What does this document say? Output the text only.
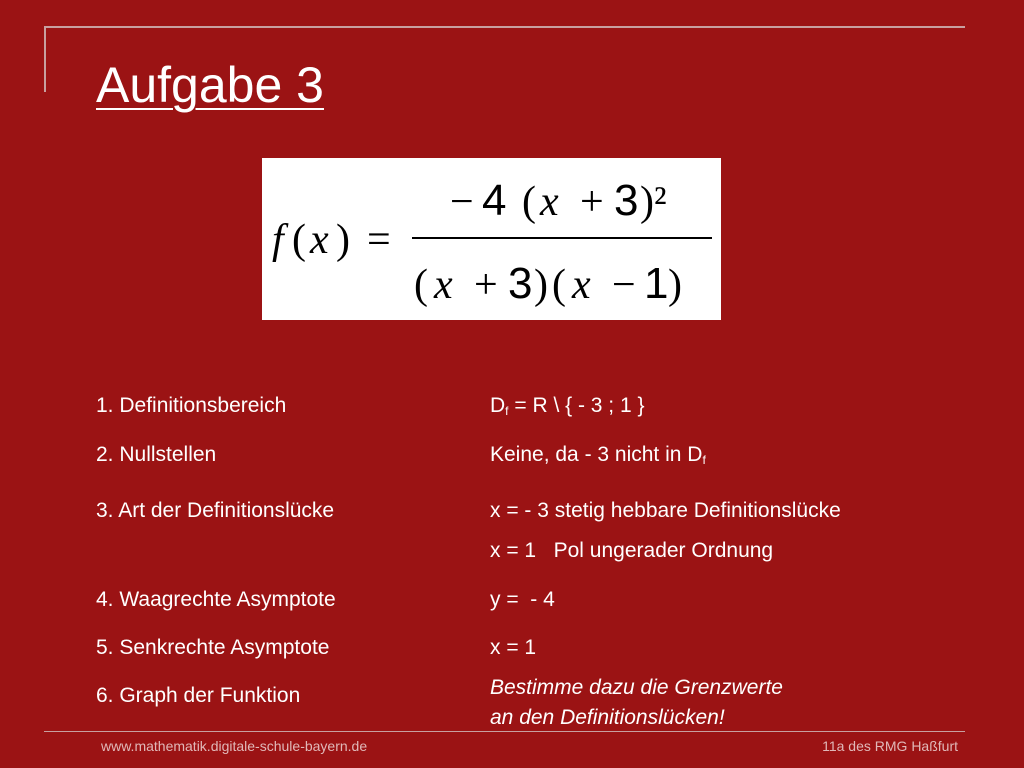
Aufgabe 3
f ( x ) =
− 4 ( x + 3 )²
( x + 3 ) ( x − 1 )
1. Definitionsbereich	$D_f = R$ \ { - 3 ; 1 }
2. Nullstellen	Keine, da - 3 nicht in $D_f$
3. Art der Definitionslücke	x = - 3 stetig hebbare Definitionslücke
x = 1   Pol ungerader Ordnung
4. Waagrechte Asymptote	y =  - 4
5. Senkrechte Asymptote	x = 1
6. Graph der Funktion	Bestimme dazu die Grenzwerte
an den Definitionslücken!
www.mathematik.digitale-schule-bayern.de	11a des RMG Haßfurt
